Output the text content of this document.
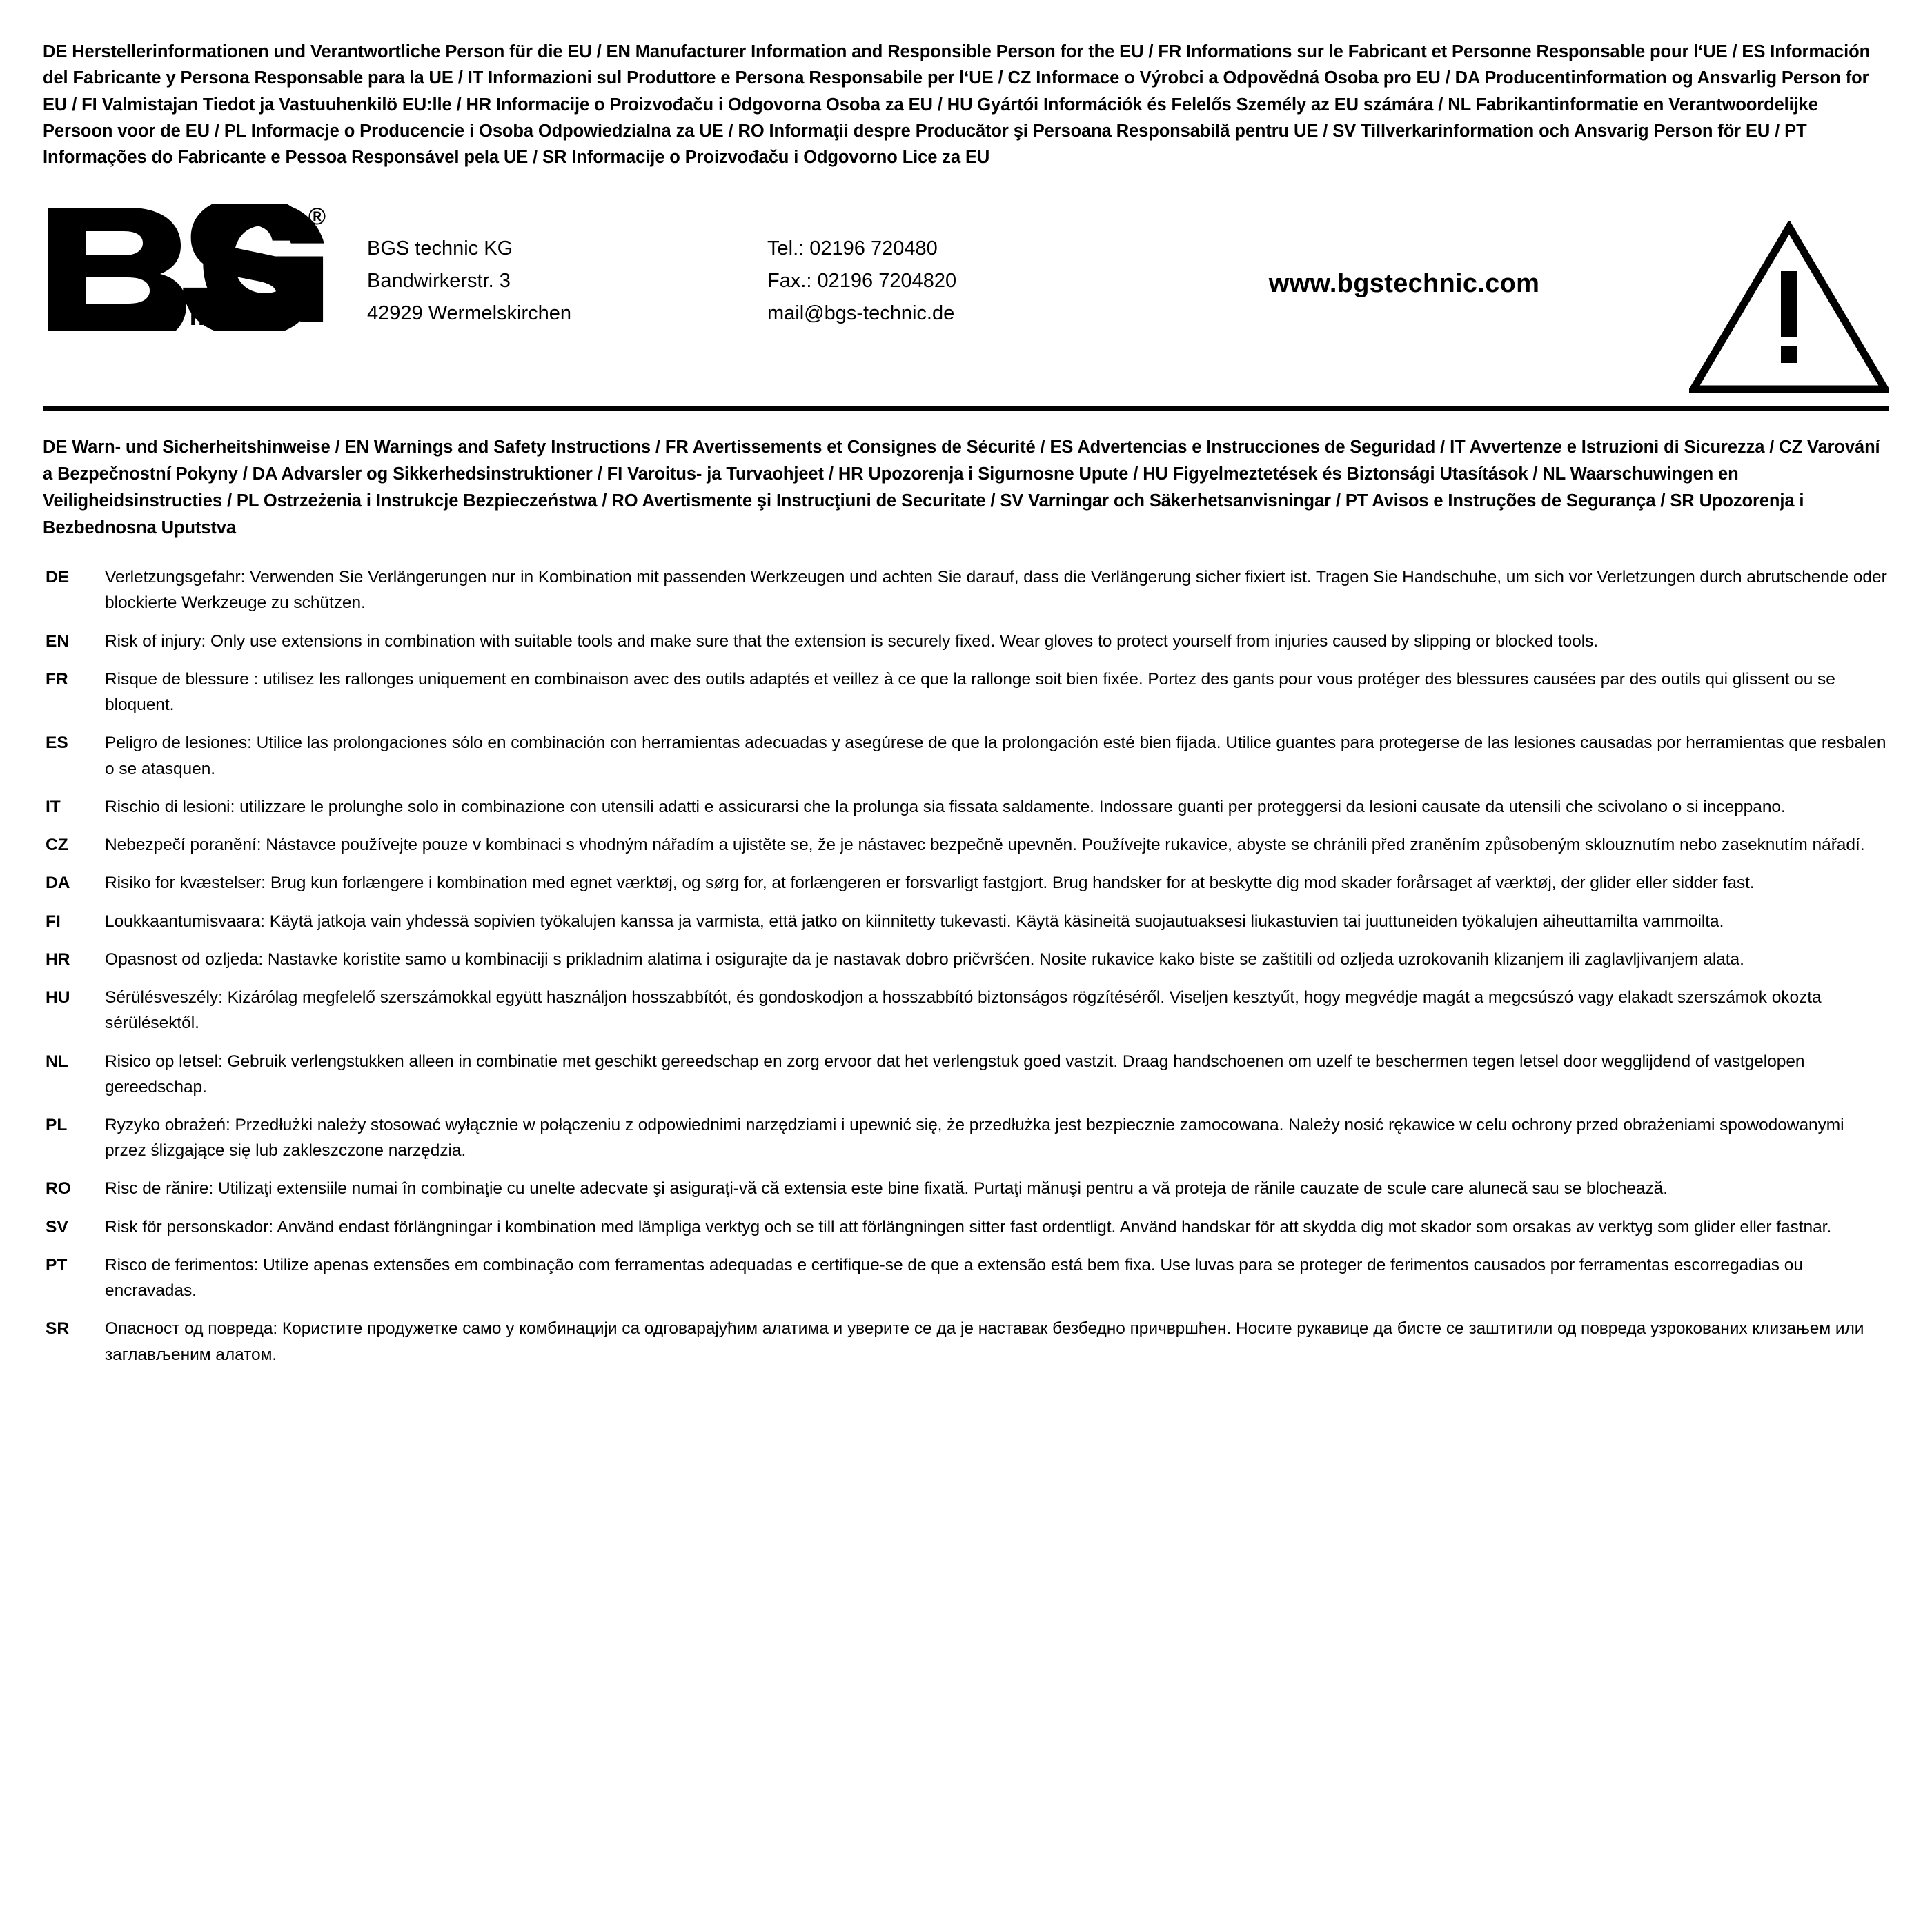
DE Herstellerinformationen und Verantwortliche Person für die EU / EN Manufacturer Information and Responsible Person for the EU / FR Informations sur le Fabricant et Personne Responsable pour l‘UE / ES Información del Fabricante y Persona Responsable para la UE / IT Informazioni sul Produttore e Persona Responsabile per l‘UE / CZ Informace o Výrobci a Odpovědná Osoba pro EU / DA Producentinformation og Ansvarlig Person for EU / FI Valmistajan Tiedot ja Vastuuhenkilö EU:lle / HR Informacije o Proizvođaču i Odgovorna Osoba za EU / HU Gyártói Információk és Felelős Személy az EU számára / NL Fabrikantinformatie en Verantwoordelijke Persoon voor de EU / PL Informacje o Producencie i Osoba Odpowiedzialna za UE / RO Informaţii despre Producător şi Persoana Responsabilă pentru UE / SV Tillverkarinformation och Ansvarig Person för EU / PT Informações do Fabricante e Pessoa Responsável pela UE / SR Informacije o Proizvođaču i Odgovorno Lice za EU
®
t e c h n i c
BGS technic KG
Bandwirkerstr. 3
42929 Wermelskirchen
Tel.: 02196 720480
Fax.: 02196 7204820
mail@bgs-technic.de
www.bgstechnic.com
DE Warn- und Sicherheitshinweise / EN Warnings and Safety Instructions / FR Avertissements et Consignes de Sécurité / ES Advertencias e Instrucciones de Seguridad / IT Avvertenze e Istruzioni di Sicurezza / CZ Varování a Bezpečnostní Pokyny / DA Advarsler og Sikkerhedsinstruktioner / FI Varoitus- ja Turvaohjeet / HR Upozorenja i Sigurnosne Upute / HU Figyelmeztetések és Biztonsági Utasítások / NL Waarschuwingen en Veiligheidsinstructies / PL Ostrzeżenia i Instrukcje Bezpieczeństwa / RO Avertismente şi Instrucţiuni de Securitate / SV Varningar och Säkerhetsanvisningar / PT Avisos e Instruções de Segurança / SR Upozorenja i Bezbednosna Uputstva
DE	Verletzungsgefahr: Verwenden Sie Verlängerungen nur in Kombination mit passenden Werkzeugen und achten Sie darauf, dass die Verlängerung sicher fixiert ist. Tragen Sie Handschuhe, um sich vor Verletzungen durch abrutschende oder blockierte Werkzeuge zu schützen.
EN	Risk of injury: Only use extensions in combination with suitable tools and make sure that the extension is securely fixed. Wear gloves to protect yourself from injuries caused by slipping or blocked tools.
FR	Risque de blessure : utilisez les rallonges uniquement en combinaison avec des outils adaptés et veillez à ce que la rallonge soit bien fixée. Portez des gants pour vous protéger des blessures causées par des outils qui glissent ou se bloquent.
ES	Peligro de lesiones: Utilice las prolongaciones sólo en combinación con herramientas adecuadas y asegúrese de que la prolongación esté bien fijada. Utilice guantes para protegerse de las lesiones causadas por herramientas que resbalen o se atasquen.
IT	Rischio di lesioni: utilizzare le prolunghe solo in combinazione con utensili adatti e assicurarsi che la prolunga sia fissata saldamente. Indossare guanti per proteggersi da lesioni causate da utensili che scivolano o si inceppano.
CZ	Nebezpečí poranění: Nástavce používejte pouze v kombinaci s vhodným nářadím a ujistěte se, že je nástavec bezpečně upevněn. Používejte rukavice, abyste se chránili před zraněním způsobeným sklouznutím nebo zaseknutím nářadí.
DA	Risiko for kvæstelser: Brug kun forlængere i kombination med egnet værktøj, og sørg for, at forlængeren er forsvarligt fastgjort. Brug handsker for at beskytte dig mod skader forårsaget af værktøj, der glider eller sidder fast.
FI	Loukkaantumisvaara: Käytä jatkoja vain yhdessä sopivien työkalujen kanssa ja varmista, että jatko on kiinnitetty tukevasti. Käytä käsineitä suojautuaksesi liukastuvien tai juuttuneiden työkalujen aiheuttamilta vammoilta.
HR	Opasnost od ozljeda: Nastavke koristite samo u kombinaciji s prikladnim alatima i osigurajte da je nastavak dobro pričvršćen. Nosite rukavice kako biste se zaštitili od ozljeda uzrokovanih klizanjem ili zaglavljivanjem alata.
HU	Sérülésveszély: Kizárólag megfelelő szerszámokkal együtt használjon hosszabbítót, és gondoskodjon a hosszabbító biztonságos rögzítéséről. Viseljen kesztyűt, hogy megvédje magát a megcsúszó vagy elakadt szerszámok okozta sérülésektől.
NL	Risico op letsel: Gebruik verlengstukken alleen in combinatie met geschikt gereedschap en zorg ervoor dat het verlengstuk goed vastzit. Draag handschoenen om uzelf te beschermen tegen letsel door wegglijdend of vastgelopen gereedschap.
PL	Ryzyko obrażeń: Przedłużki należy stosować wyłącznie w połączeniu z odpowiednimi narzędziami i upewnić się, że przedłużka jest bezpiecznie zamocowana. Należy nosić rękawice w celu ochrony przed obrażeniami spowodowanymi przez ślizgające się lub zakleszczone narzędzia.
RO	Risc de rănire: Utilizaţi extensiile numai în combinaţie cu unelte adecvate şi asiguraţi-vă că extensia este bine fixată. Purtaţi mănuşi pentru a vă proteja de rănile cauzate de scule care alunecă sau se blochează.
SV	Risk för personskador: Använd endast förlängningar i kombination med lämpliga verktyg och se till att förlängningen sitter fast ordentligt. Använd handskar för att skydda dig mot skador som orsakas av verktyg som glider eller fastnar.
PT	Risco de ferimentos: Utilize apenas extensões em combinação com ferramentas adequadas e certifique-se de que a extensão está bem fixa. Use luvas para se proteger de ferimentos causados por ferramentas escorregadias ou encravadas.
SR	Опасност од повреда: Користите продужетке само у комбинацији са одговарајућим алатима и уверите се да је наставак безбедно причвршћен. Носите рукавице да бисте се заштитили од повреда узрокованих клизањем или заглављеним алатом.
